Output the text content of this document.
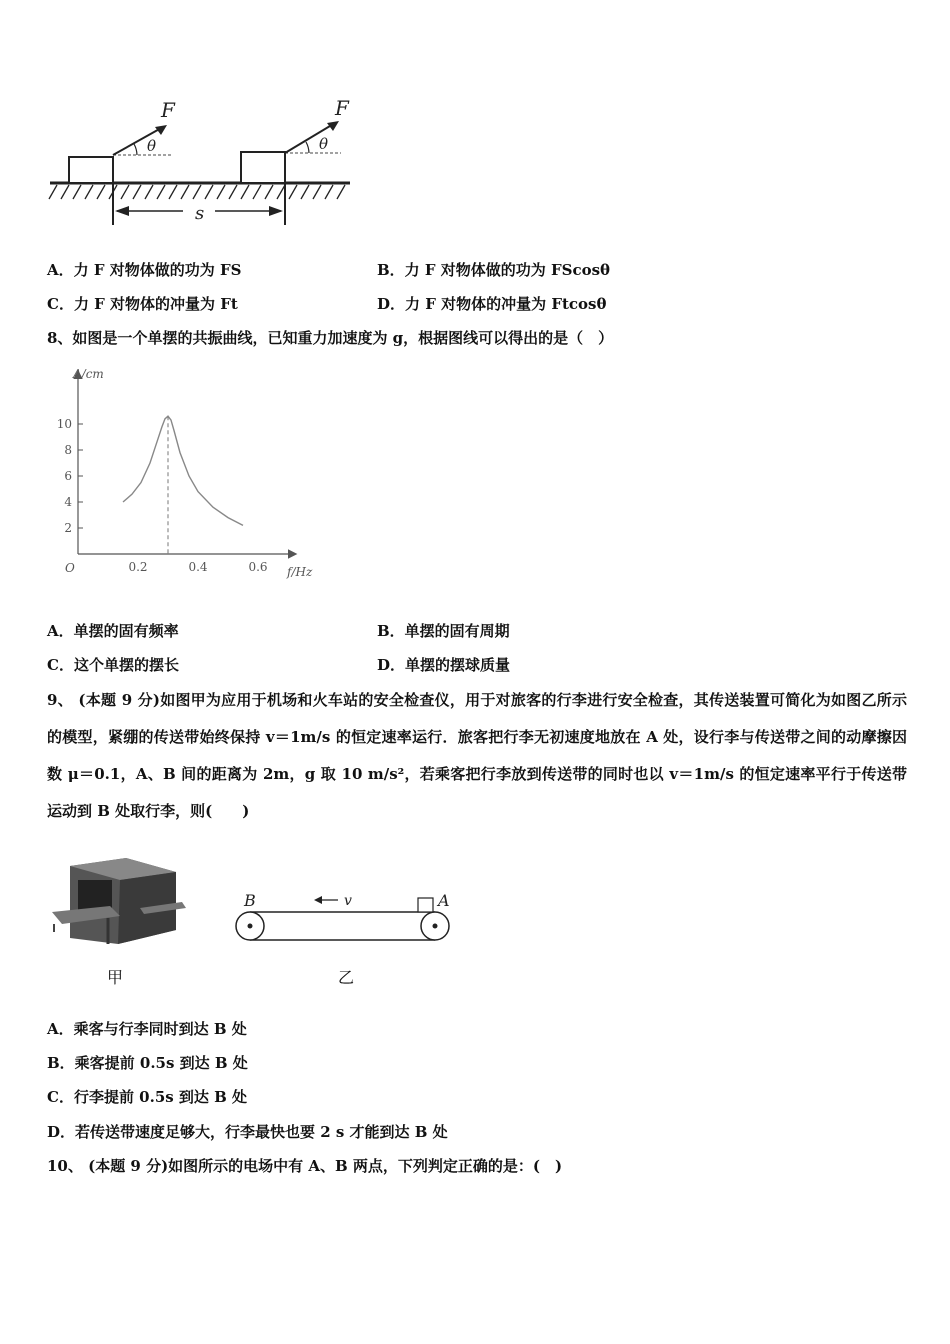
F
θ
F
θ
s
A．力 F 对物体做的功为 FS	B．力 F 对物体做的功为 FScosθ
C．力 F 对物体的冲量为 Ft	D．力 F 对物体的冲量为 Ftcosθ
8、如图是一个单摆的共振曲线，已知重力加速度为 g，根据图线可以得出的是（　）
A/cm
f/Hz
O
2
4
6
8
10
0.2	0.4	0.6
A．单摆的固有频率	B．单摆的固有周期
C．这个单摆的摆长	D．单摆的摆球质量
9、 (本题 9 分)如图甲为应用于机场和火车站的安全检查仪，用于对旅客的行李进行安全检查，其传送装置可简化为如图乙所示的模型，紧绷的传送带始终保持 v＝1m/s 的恒定速率运行．旅客把行李无初速度地放在 A 处，设行李与传送带之间的动摩擦因数 μ＝0.1，A、B 间的距离为 2m，g 取 10 m/s²，若乘客把行李放到传送带的同时也以 v＝1m/s 的恒定速率平行于传送带运动到 B 处取行李，则(　　)
甲
B	A
v
乙
A．乘客与行李同时到达 B 处
B．乘客提前 0.5s 到达 B 处
C．行李提前 0.5s 到达 B 处
D．若传送带速度足够大，行李最快也要 2 s 才能到达 B 处
10、 (本题 9 分)如图所示的电场中有 A、B 两点，下列判定正确的是：(　)
